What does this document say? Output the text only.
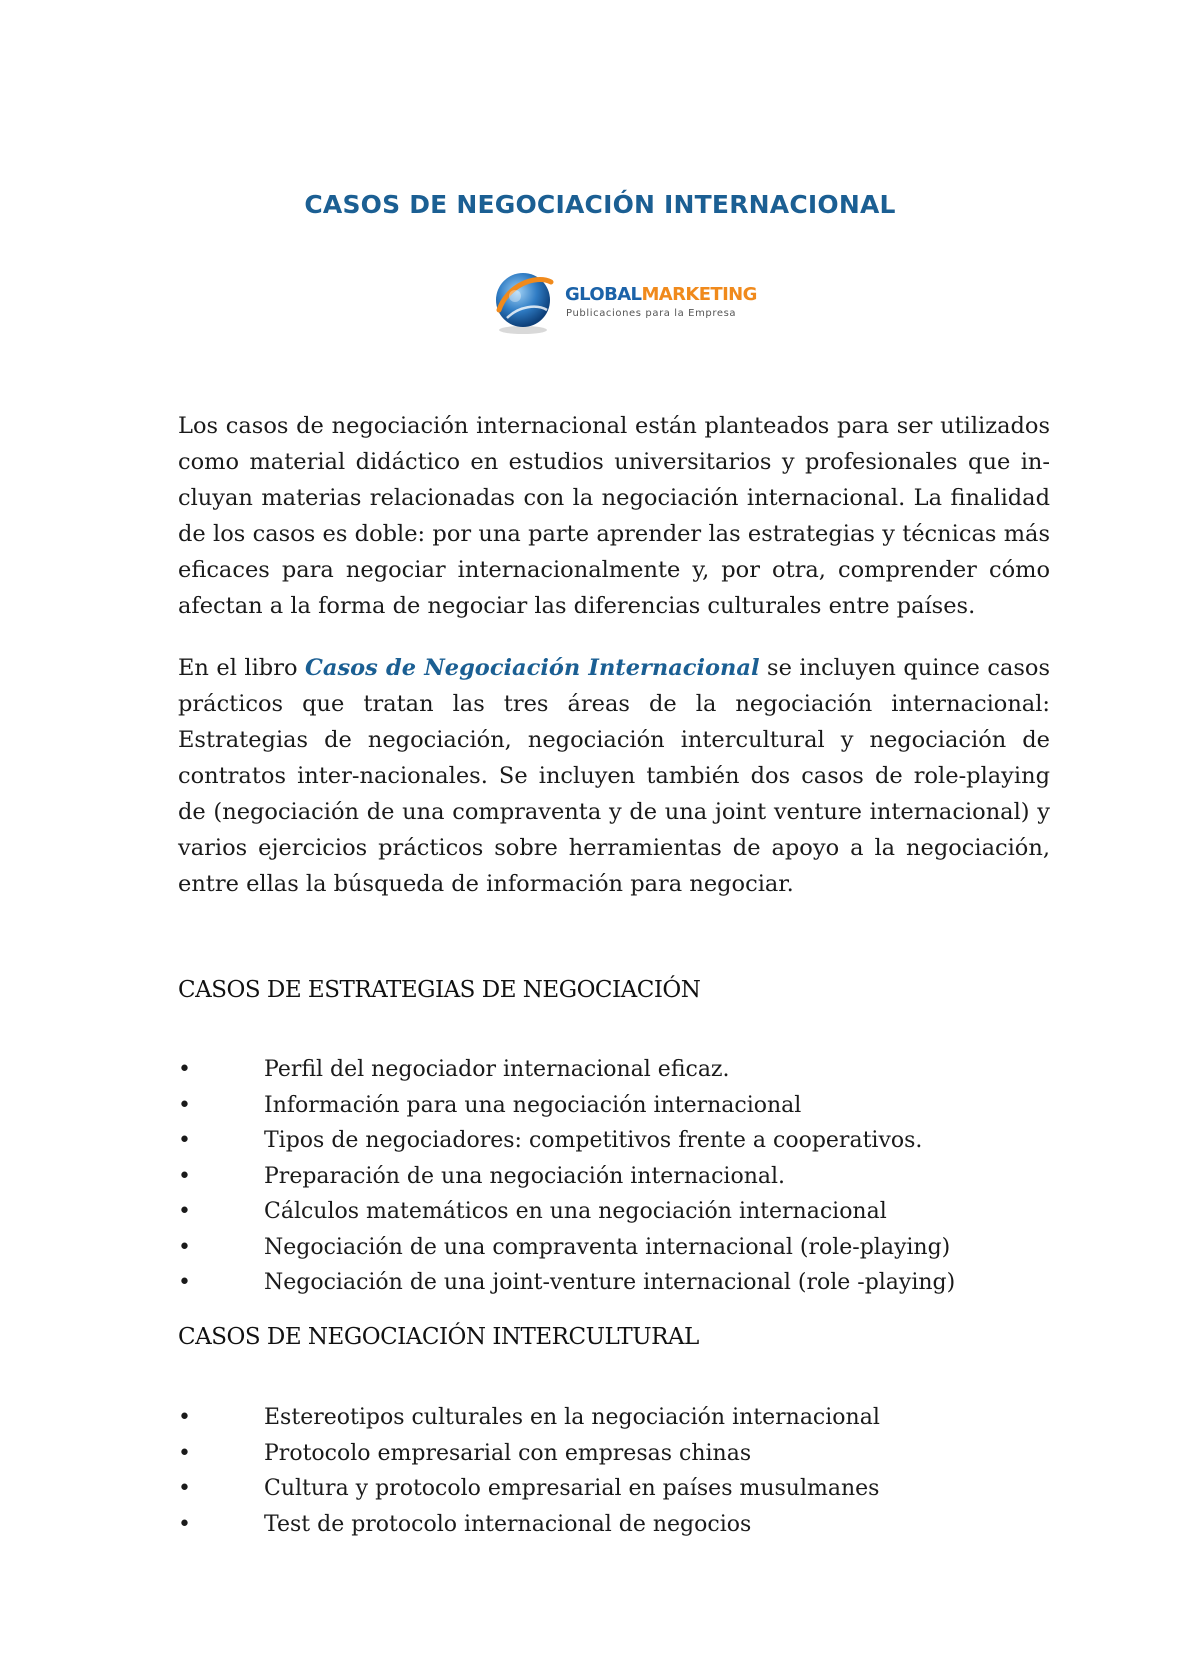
CASOS DE NEGOCIACIÓN INTERNACIONAL
GLOBALMARKETING
Publicaciones para la Empresa

Los casos de negociación internacional están planteados para ser utilizados como material didáctico en estudios universitarios y profesionales que in-cluyan materias relacionadas con la negociación internacional. La finalidad de los casos es doble: por una parte aprender las estrategias y técnicas más eficaces para negociar internacionalmente y, por otra, comprender cómo afectan a la forma de negociar las diferencias culturales entre países.

En el libro Casos de Negociación Internacional se incluyen quince casos prácticos que tratan las tres áreas de la negociación internacional: Estrategias de negociación, negociación intercultural y negociación de contratos inter-nacionales. Se incluyen también dos casos de role-playing de (negociación de una compraventa y de una joint venture internacional) y varios ejercicios prácticos sobre herramientas de apoyo a la negociación, entre ellas la búsqueda de información para negociar.

CASOS DE ESTRATEGIAS DE NEGOCIACIÓN
•	Perfil del negociador internacional eficaz.
•	Información para una negociación internacional
•	Tipos de negociadores: competitivos frente a cooperativos.
•	Preparación de una negociación internacional.
•	Cálculos matemáticos en una negociación internacional
•	Negociación de una compraventa internacional (role-playing)
•	Negociación de una joint-venture internacional (role -playing)
CASOS DE NEGOCIACIÓN INTERCULTURAL
•	Estereotipos culturales en la negociación internacional
•	Protocolo empresarial con empresas chinas
•	Cultura y protocolo empresarial en países musulmanes
•	Test de protocolo internacional de negocios
